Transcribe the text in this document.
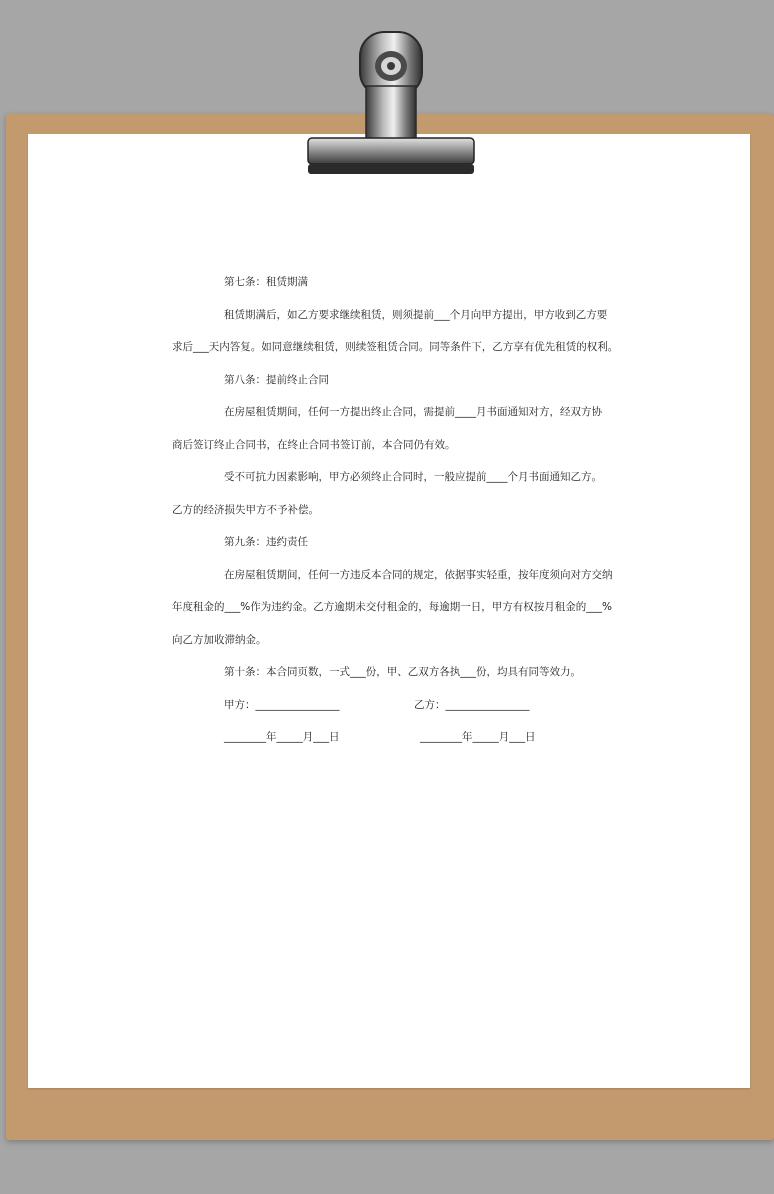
第七条：租赁期满

租赁期满后，如乙方要求继续租赁，则须提前___个月向甲方提出，甲方收到乙方要

求后___天内答复。如同意继续租赁，则续签租赁合同。同等条件下，乙方享有优先租赁的权利。

第八条：提前终止合同

在房屋租赁期间，任何一方提出终止合同，需提前____月书面通知对方，经双方协

商后签订终止合同书，在终止合同书签订前，本合同仍有效。

受不可抗力因素影响，甲方必须终止合同时，一般应提前____个月书面通知乙方。

乙方的经济损失甲方不予补偿。

第九条：违约责任

在房屋租赁期间，任何一方违反本合同的规定，依据事实轻重，按年度须向对方交纳

年度租金的___%作为违约金。乙方逾期未交付租金的，每逾期一日，甲方有权按月租金的___%

向乙方加收滞纳金。

第十条：本合同页数，一式___份，甲、乙双方各执___份，均具有同等效力。

甲方：________________	乙方：________________
________年_____月___日	________年_____月___日
